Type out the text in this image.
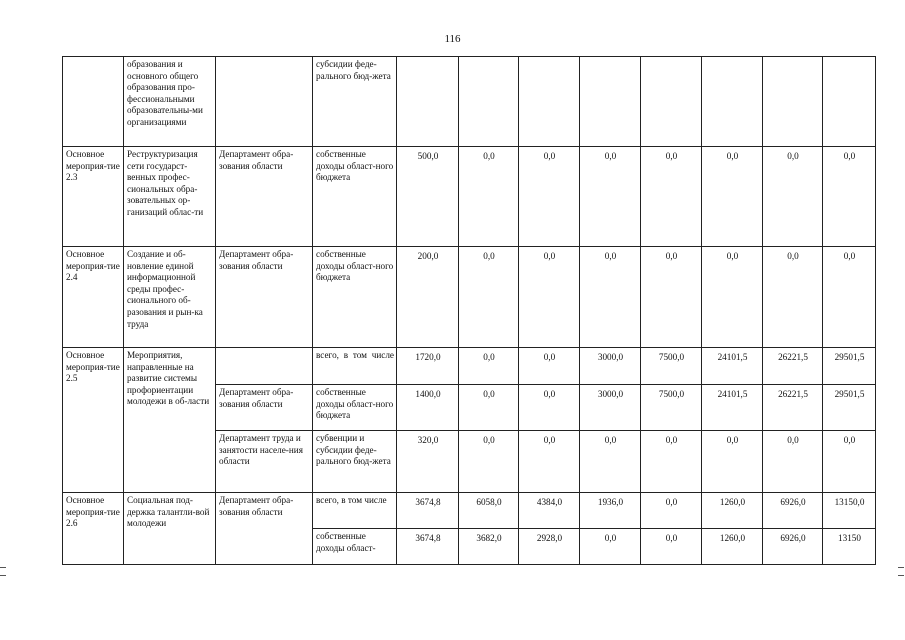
116
	образования и основного общего образования про-фессиональными образовательны-ми организациями		субсидии феде-рального бюд-жета								
Основное мероприя-тие 2.3	Реструктуризация сети государст-венных профес-сиональных обра-зовательных ор-ганизаций облас-ти	Департамент обра-зования области	собственные доходы област-ного бюджета	500,0	0,0	0,0	0,0	0,0	0,0	0,0	0,0
Основное мероприя-тие 2.4	Создание и об-новление единой информационной среды профес-сионального об-разования и рын-ка труда	Департамент обра-зования области	собственные доходы област-ного бюджета	200,0	0,0	0,0	0,0	0,0	0,0	0,0	0,0
Основное мероприя-тие 2.5	Мероприятия, направленные на развитие системы профориентации молодежи в об-ласти		всего, в том числе	1720,0	0,0	0,0	3000,0	7500,0	24101,5	26221,5	29501,5
		Департамент обра-зования области	собственные доходы област-ного бюджета	1400,0	0,0	0,0	3000,0	7500,0	24101,5	26221,5	29501,5
		Департамент труда и занятости населе-ния области	субвенции и субсидии феде-рального бюд-жета	320,0	0,0	0,0	0,0	0,0	0,0	0,0	0,0
Основное мероприя-тие 2.6	Социальная под-держка талантли-вой молодежи	Департамент обра-зования области	всего, в том числе	3674,8	6058,0	4384,0	1936,0	0,0	1260,0	6926,0	13150,0
			собственные доходы област-	3674,8	3682,0	2928,0	0,0	0,0	1260,0	6926,0	13150
